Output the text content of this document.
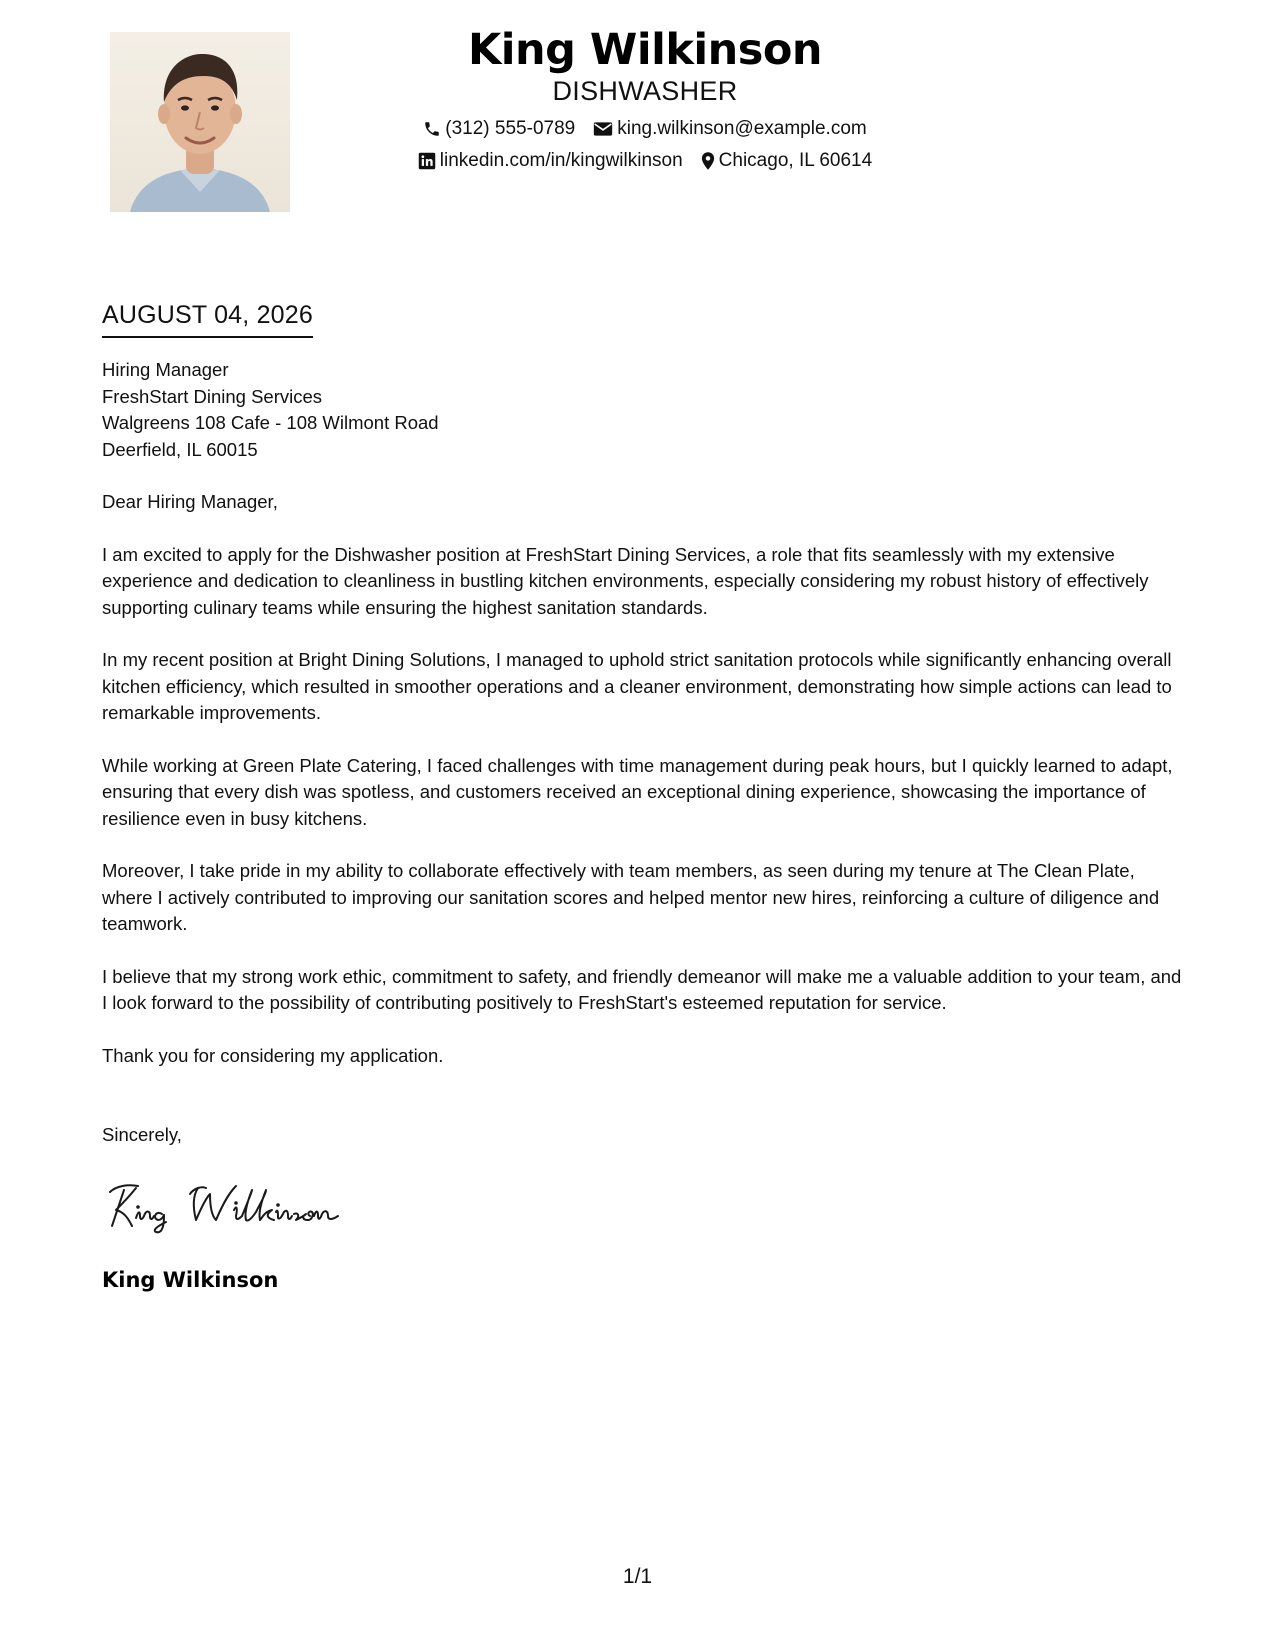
King Wilkinson
DISHWASHER
(312) 555-0789 king.wilkinson@example.com
linkedin.com/in/kingwilkinson Chicago, IL 60614
AUGUST 04, 2026
Hiring Manager
FreshStart Dining Services
Walgreens 108 Cafe - 108 Wilmont Road
Deerfield, IL 60015
Dear Hiring Manager,
I am excited to apply for the Dishwasher position at FreshStart Dining Services, a role that fits seamlessly with my extensive experience and dedication to cleanliness in bustling kitchen environments, especially considering my robust history of effectively supporting culinary teams while ensuring the highest sanitation standards.
In my recent position at Bright Dining Solutions, I managed to uphold strict sanitation protocols while significantly enhancing overall kitchen efficiency, which resulted in smoother operations and a cleaner environment, demonstrating how simple actions can lead to remarkable improvements.
While working at Green Plate Catering, I faced challenges with time management during peak hours, but I quickly learned to adapt, ensuring that every dish was spotless, and customers received an exceptional dining experience, showcasing the importance of resilience even in busy kitchens.
Moreover, I take pride in my ability to collaborate effectively with team members, as seen during my tenure at The Clean Plate, where I actively contributed to improving our sanitation scores and helped mentor new hires, reinforcing a culture of diligence and teamwork.
I believe that my strong work ethic, commitment to safety, and friendly demeanor will make me a valuable addition to your team, and I look forward to the possibility of contributing positively to FreshStart's esteemed reputation for service.
Thank you for considering my application.
Sincerely,
King Wilkinson
1/1
